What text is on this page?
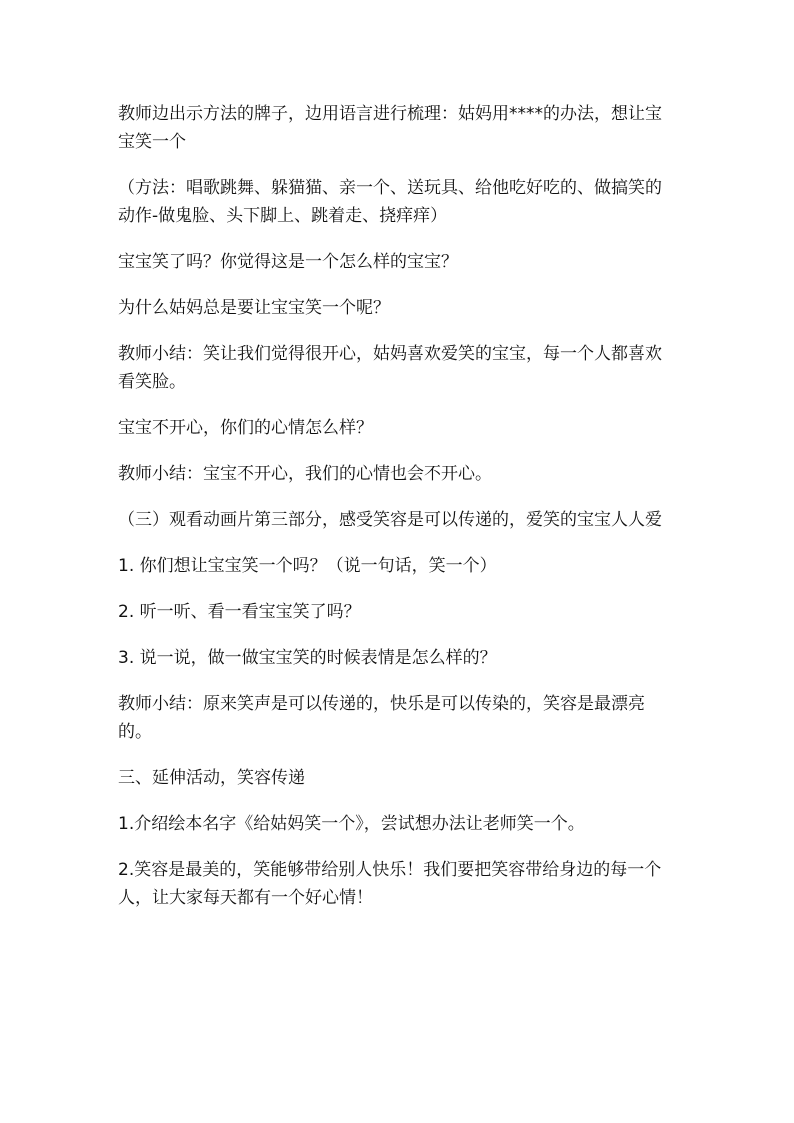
教师边出示方法的牌子，边用语言进行梳理：姑妈用****的办法，想让宝宝笑一个

（方法：唱歌跳舞、躲猫猫、亲一个、送玩具、给他吃好吃的、做搞笑的动作-做鬼脸、头下脚上、跳着走、挠痒痒）

宝宝笑了吗？你觉得这是一个怎么样的宝宝？

为什么姑妈总是要让宝宝笑一个呢？

教师小结：笑让我们觉得很开心，姑妈喜欢爱笑的宝宝，每一个人都喜欢看笑脸。

宝宝不开心，你们的心情怎么样？

教师小结：宝宝不开心，我们的心情也会不开心。

（三）观看动画片第三部分，感受笑容是可以传递的，爱笑的宝宝人人爱

1. 你们想让宝宝笑一个吗？（说一句话，笑一个）

2. 听一听、看一看宝宝笑了吗？

3. 说一说，做一做宝宝笑的时候表情是怎么样的？

教师小结：原来笑声是可以传递的，快乐是可以传染的，笑容是最漂亮的。

三、延伸活动，笑容传递

1.介绍绘本名字《给姑妈笑一个》，尝试想办法让老师笑一个。

2.笑容是最美的，笑能够带给别人快乐！我们要把笑容带给身边的每一个人，让大家每天都有一个好心情！
